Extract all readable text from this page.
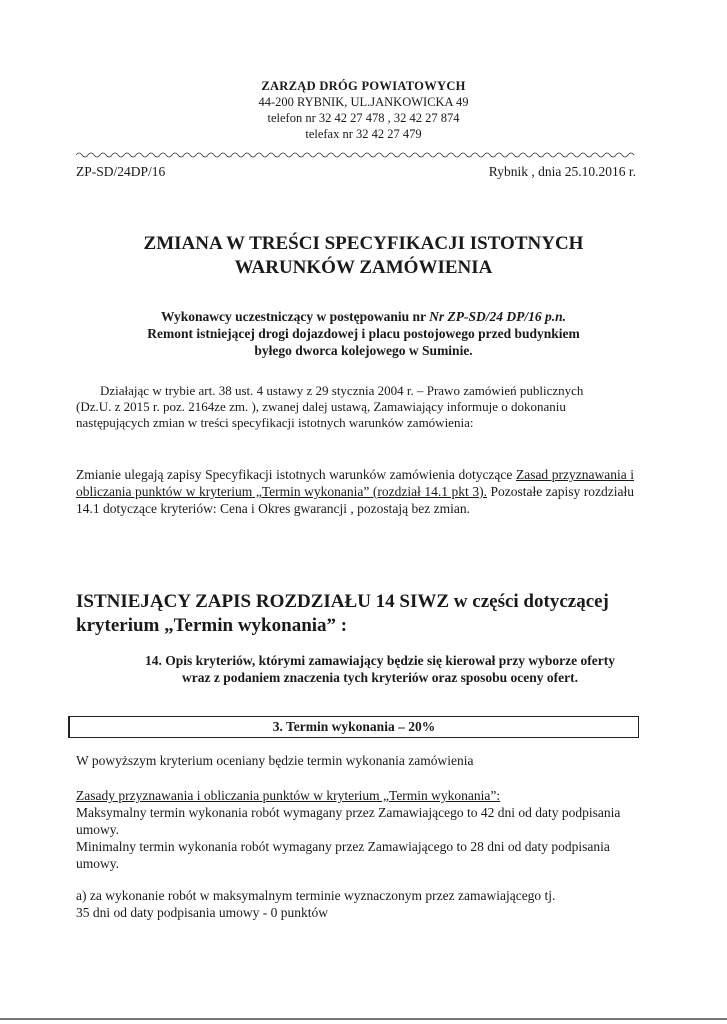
ZARZĄD DRÓG POWIATOWYCH
44-200 RYBNIK, UL.JANKOWICKA 49
telefon nr 32 42 27 478 , 32 42 27 874
telefax nr 32 42 27 479
ZP-SD/24DP/16	Rybnik , dnia 25.10.2016 r.
ZMIANA W TREŚCI SPECYFIKACJI ISTOTNYCH
WARUNKÓW ZAMÓWIENIA
Wykonawcy uczestniczący w postępowaniu nr Nr ZP-SD/24 DP/16 p.n.
Remont istniejącej drogi dojazdowej i placu postojowego przed budynkiem
byłego dworca kolejowego w Suminie.
Działając w trybie art. 38 ust. 4 ustawy z 29 stycznia 2004 r. – Prawo zamówień publicznych
(Dz.U. z 2015 r. poz. 2164ze zm. ), zwanej dalej ustawą, Zamawiający informuje o dokonaniu
następujących zmian w treści specyfikacji istotnych warunków zamówienia:
Zmianie ulegają zapisy Specyfikacji istotnych warunków zamówienia dotyczące Zasad przyznawania i obliczania punktów w kryterium „Termin wykonania” (rozdział 14.1 pkt 3). Pozostałe zapisy rozdziału 14.1 dotyczące kryteriów: Cena i Okres gwarancji , pozostają bez zmian.
ISTNIEJĄCY ZAPIS ROZDZIAŁU 14 SIWZ w części dotyczącej
kryterium „Termin wykonania” :
14. Opis kryteriów, którymi zamawiający będzie się kierował przy wyborze oferty
wraz z podaniem znaczenia tych kryteriów oraz sposobu oceny ofert.
3. Termin wykonania – 20%
W powyższym kryterium oceniany będzie termin wykonania zamówienia
Zasady przyznawania i obliczania punktów w kryterium „Termin wykonania”:
Maksymalny termin wykonania robót wymagany przez Zamawiającego to 42 dni od daty podpisania umowy.
Minimalny termin wykonania robót wymagany przez Zamawiającego to 28 dni od daty podpisania umowy.
a) za wykonanie robót w maksymalnym terminie wyznaczonym przez zamawiającego tj.
35 dni od daty podpisania umowy - 0 punktów
